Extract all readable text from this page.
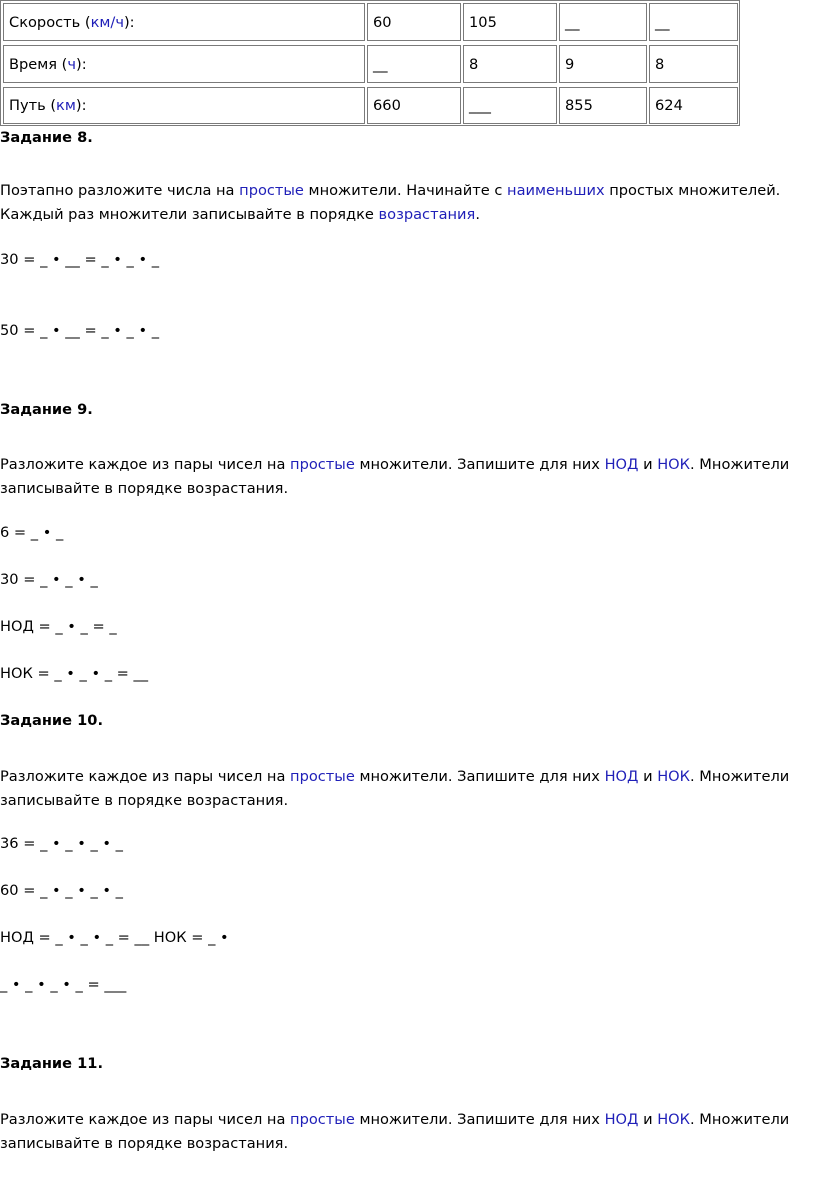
Скорость ( км/ч ):	60	105	__	__
Время ( ч ):	__	8	9	8
Путь ( км ):	660	___	855	624
Задание 8.
Поэтапно разложите числа на простые множители. Начинайте с наименьших простых множителей.
Каждый раз множители записывайте в порядке возрастания.
30 = _ • __ = _ • _ • _
50 = _ • __ = _ • _ • _
Задание 9.
Разложите каждое из пары чисел на простые множители. Запишите для них НОД и НОК. Множители
записывайте в порядке возрастания.
6 = _ • _
30 = _ • _ • _
НОД = _ • _ = _
НОК = _ • _ • _ = __
Задание 10.
Разложите каждое из пары чисел на простые множители. Запишите для них НОД и НОК. Множители
записывайте в порядке возрастания.
36 = _ • _ • _ • _
60 = _ • _ • _ • _
НОД = _ • _ • _ = __ НОК = _ •
_ • _ • _ • _ = ___
Задание 11.
Разложите каждое из пары чисел на простые множители. Запишите для них НОД и НОК. Множители
записывайте в порядке возрастания.
